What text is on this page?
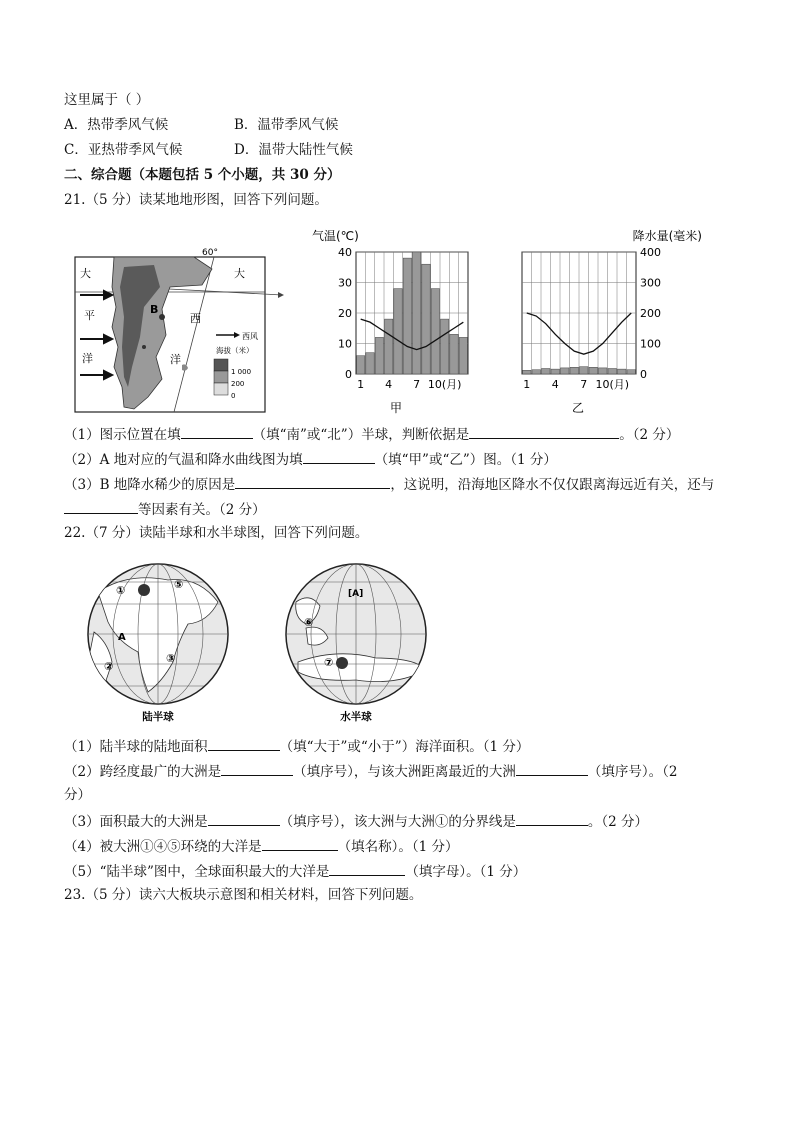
这里属于（ ）
A．热带季风气候	B．温带季风气候
C．亚热带季风气候	D．温带大陆性气候
二、综合题（本题包括 5 个小题，共 30 分）
21.（5 分）读某地地形图，回答下列问题。
大	大
平	西
洋	洋
B
60°
西风
海拔（米）
1 000
200
0
气温(℃)
0
10
20
30
40
1 4 7 10(月)
甲
降水量(毫米)
0
100
200
300
400
1 4 7 10(月)
乙
（1）图示位置在填	（填“南”或“北”）半球，判断依据是	。（2 分）
（2）A 地对应的气温和降水曲线图为填	（填“甲”或“乙”）图。（1 分）
（3）B 地降水稀少的原因是	，这说明，沿海地区降水不仅仅跟离海远近有关，还与
等因素有关。（2 分）
22.（7 分）读陆半球和水半球图，回答下列问题。
①	⑤
A
②
③
陆半球
[A]
⑥
⑦
水半球
（1）陆半球的陆地面积	（填“大于”或“小于”）海洋面积。（1 分）
（2）跨经度最广的大洲是	（填序号），与该大洲距离最近的大洲	（填序号）。（2
分）
（3）面积最大的大洲是	（填序号），该大洲与大洲①的分界线是	。（2 分）
（4）被大洲①④⑤环绕的大洋是	（填名称）。（1 分）
（5）“陆半球”图中，全球面积最大的大洋是	（填字母）。（1 分）
23.（5 分）读六大板块示意图和相关材料，回答下列问题。
